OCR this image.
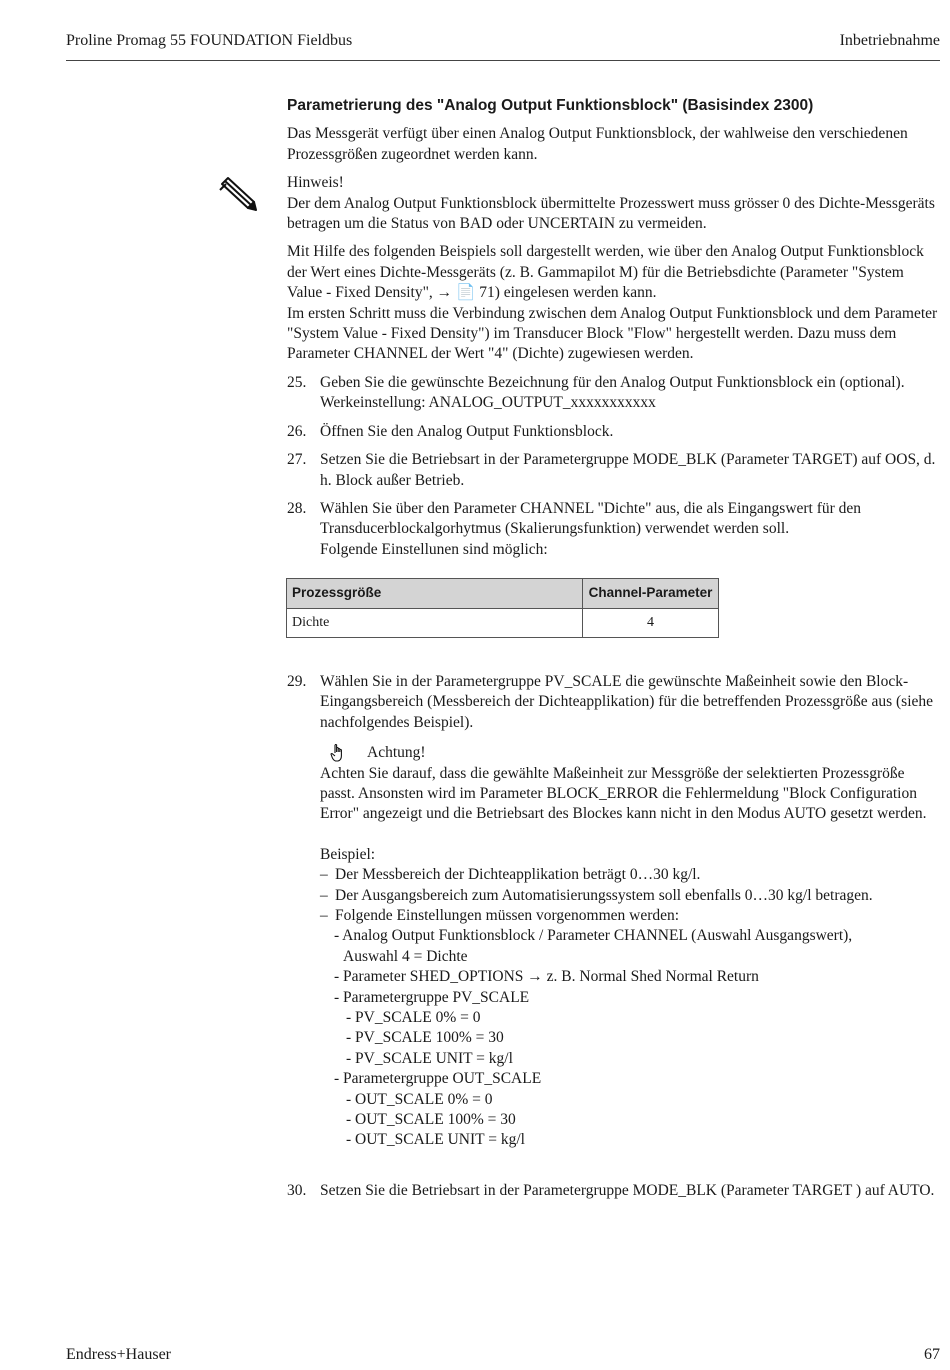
Proline Promag 55 FOUNDATION Fieldbus	Inbetriebnahme
Parametrierung des "Analog Output Funktionsblock" (Basisindex 2300)

Das Messgerät verfügt über einen Analog Output Funktionsblock, der wahlweise den verschiedenen Prozessgrößen zugeordnet werden kann.

Hinweis!
Der dem Analog Output Funktionsblock übermittelte Prozesswert muss grösser 0 des Dichte-Messgeräts betragen um die Status von BAD oder UNCERTAIN zu vermeiden.
Mit Hilfe des folgenden Beispiels soll dargestellt werden, wie über den Analog Output Funktionsblock der Wert eines Dichte-Messgeräts (z. B. Gammapilot M) für die Betriebsdichte (Parameter "System Value - Fixed Density", → 📄 71) eingelesen werden kann.

Im ersten Schritt muss die Verbindung zwischen dem Analog Output Funktionsblock und dem Parameter "System Value - Fixed Density") im Transducer Block "Flow" hergestellt werden. Dazu muss dem Parameter CHANNEL der Wert "4" (Dichte) zugewiesen werden.

25. Geben Sie die gewünschte Bezeichnung für den Analog Output Funktionsblock ein (optional).
Werkeinstellung: ANALOG_OUTPUT_xxxxxxxxxxx
26. Öffnen Sie den Analog Output Funktionsblock.
27. Setzen Sie die Betriebsart in der Parametergruppe MODE_BLK (Parameter TARGET) auf OOS, d. h. Block außer Betrieb.
28. Wählen Sie über den Parameter CHANNEL "Dichte" aus, die als Eingangswert für den Transducerblockalgorhytmus (Skalierungsfunktion) verwendet werden soll.
Folgende Einstellunen sind möglich:
Prozessgröße	Channel-Parameter
Dichte	4
29. Wählen Sie in der Parametergruppe PV_SCALE die gewünschte Maßeinheit sowie den Block-Eingangsbereich (Messbereich der Dichteapplikation) für die betreffenden Prozessgröße aus (siehe nachfolgendes Beispiel).
Achtung!
Achten Sie darauf, dass die gewählte Maßeinheit zur Messgröße der selektierten Prozessgröße passt. Ansonsten wird im Parameter BLOCK_ERROR die Fehlermeldung "Block Configuration Error" angezeigt und die Betriebsart des Blockes kann nicht in den Modus AUTO gesetzt werden.
Beispiel:
– Der Messbereich der Dichteapplikation beträgt 0…30 kg/l.
– Der Ausgangsbereich zum Automatisierungssystem soll ebenfalls 0…30 kg/l betragen.
– Folgende Einstellungen müssen vorgenommen werden:
- Analog Output Funktionsblock / Parameter CHANNEL (Auswahl Ausgangswert),
Auswahl 4 = Dichte
- Parameter SHED_OPTIONS → z. B. Normal Shed Normal Return
- Parametergruppe PV_SCALE
- PV_SCALE 0% = 0
- PV_SCALE 100% = 30
- PV_SCALE UNIT = kg/l
- Parametergruppe OUT_SCALE
- OUT_SCALE 0% = 0
- OUT_SCALE 100% = 30
- OUT_SCALE UNIT = kg/l
30. Setzen Sie die Betriebsart in der Parametergruppe MODE_BLK (Parameter TARGET ) auf AUTO.
Endress+Hauser	67
